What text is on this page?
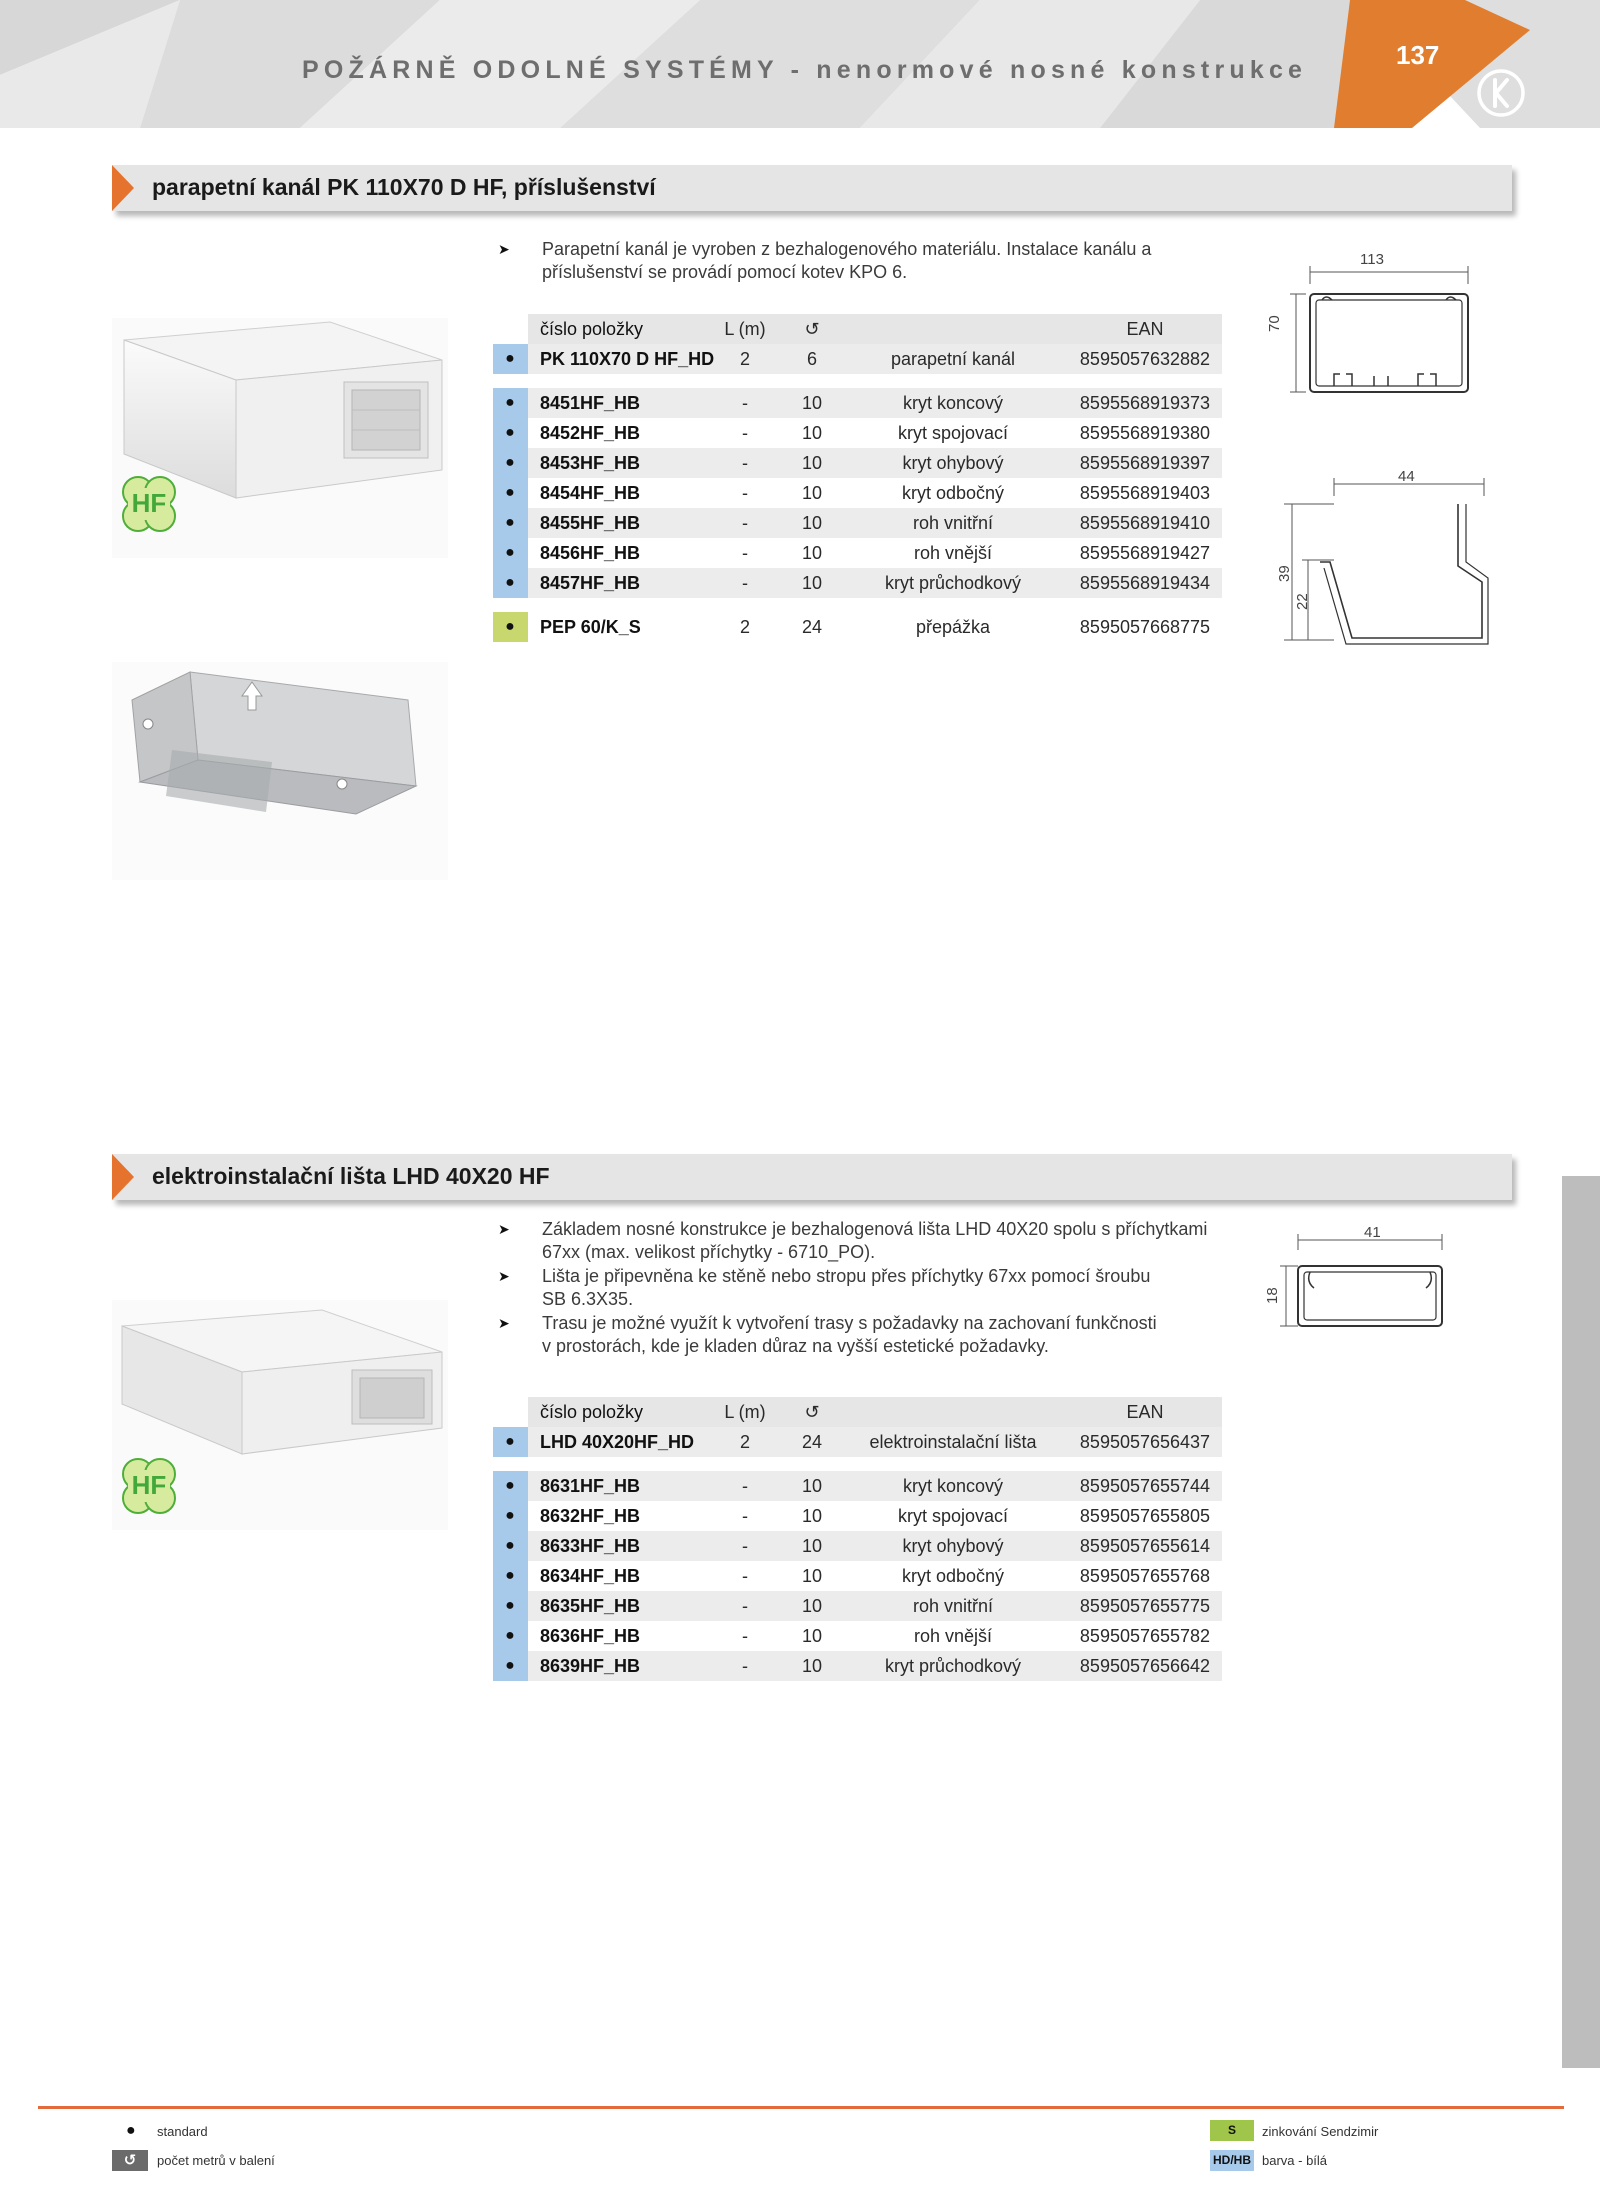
POŽÁRNĚ ODOLNÉ SYSTÉMY - nenormové nosné konstrukce	137
parapetní kanál PK 110X70 D HF, příslušenství
➤ Parapetní kanál je vyroben z bezhalogenového materiálu. Instalace kanálu a
příslušenství se provádí pomocí kotev KPO 6.
HF
	číslo položky	L (m)	↺		EAN
●	PK 110X70 D HF_HD	2	6	parapetní kanál	8595057632882

●	8451HF_HB	-	10	kryt koncový	8595568919373
●	8452HF_HB	-	10	kryt spojovací	8595568919380
●	8453HF_HB	-	10	kryt ohybový	8595568919397
●	8454HF_HB	-	10	kryt odbočný	8595568919403
●	8455HF_HB	-	10	roh vnitřní	8595568919410
●	8456HF_HB	-	10	roh vnější	8595568919427
●	8457HF_HB	-	10	kryt průchodkový	8595568919434

●	PEP 60/K_S	2	24	přepážka	8595057668775
113
70
44
39
22
elektroinstalační lišta LHD 40X20 HF
➤ Základem nosné konstrukce je bezhalogenová lišta LHD 40X20 spolu s příchytkami
67xx (max. velikost příchytky - 6710_PO).
➤ Lišta je připevněna ke stěně nebo stropu přes příchytky 67xx pomocí šroubu
SB 6.3X35.
➤ Trasu je možné využít k vytvoření trasy s požadavky na zachovaní funkčnosti
v prostorách, kde je kladen důraz na vyšší estetické požadavky.
HF
	číslo položky	L (m)	↺		EAN
●	LHD 40X20HF_HD	2	24	elektroinstalační lišta	8595057656437

●	8631HF_HB	-	10	kryt koncový	8595057655744
●	8632HF_HB	-	10	kryt spojovací	8595057655805
●	8633HF_HB	-	10	kryt ohybový	8595057655614
●	8634HF_HB	-	10	kryt odbočný	8595057655768
●	8635HF_HB	-	10	roh vnitřní	8595057655775
●	8636HF_HB	-	10	roh vnější	8595057655782
●	8639HF_HB	-	10	kryt průchodkový	8595057656642
41
18
● standard
↺	počet metrů v balení
S	zinkování Sendzimir
HD/HB barva - bílá
